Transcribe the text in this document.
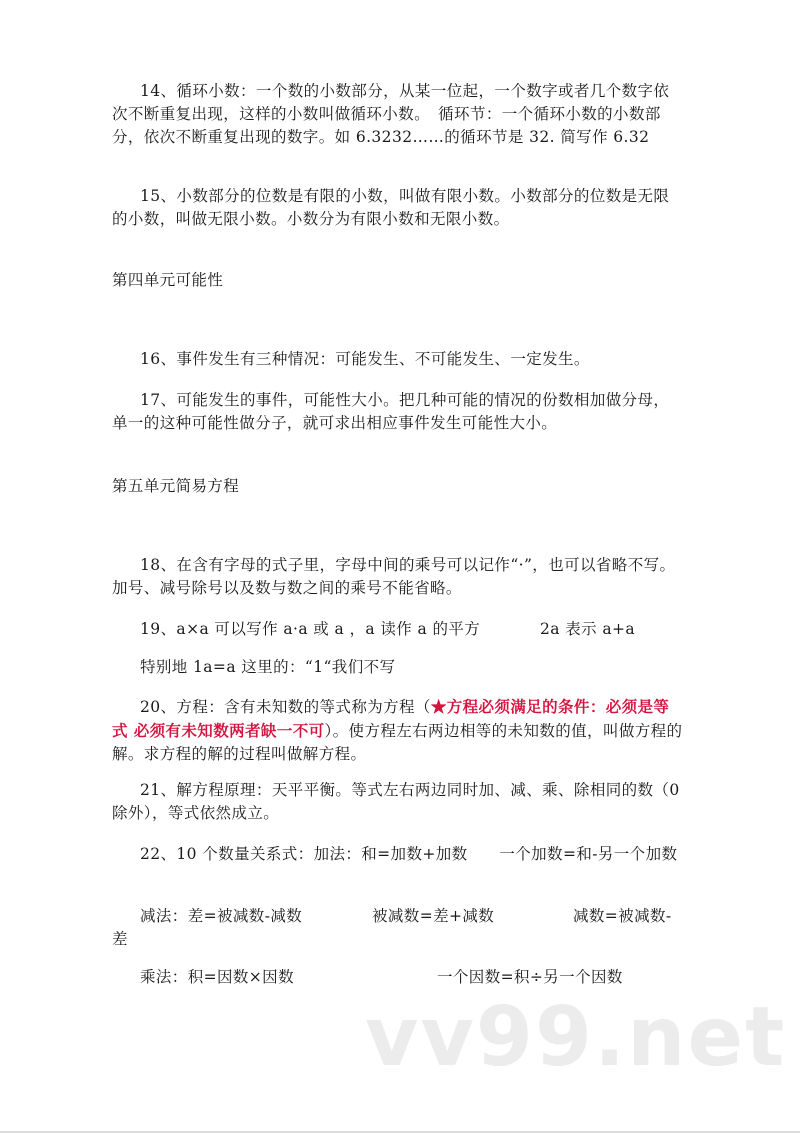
14、循环小数：一个数的小数部分，从某一位起，一个数字或者几个数字依次不断重复出现，这样的小数叫做循环小数。　循环节：一个循环小数的小数部分，依次不断重复出现的数字。如 6.3232……的循环节是 32. 简写作 6.32

15、小数部分的位数是有限的小数，叫做有限小数。小数部分的位数是无限的小数，叫做无限小数。小数分为有限小数和无限小数。

第四单元可能性

16、事件发生有三种情况：可能发生、不可能发生、一定发生。

17、可能发生的事件，可能性大小。把几种可能的情况的份数相加做分母，单一的这种可能性做分子，就可求出相应事件发生可能性大小。

第五单元简易方程

18、在含有字母的式子里，字母中间的乘号可以记作“·”，也可以省略不写。加号、减号除号以及数与数之间的乘号不能省略。

19、a×a 可以写作 a·a 或 a ，a 读作 a 的平方	2a 表示 a+a
特别地 1a=a 这里的：“1“我们不写

20、方程：含有未知数的等式称为方程（★方程必须满足的条件：必须是等式 必须有未知数两者缺一不可）。使方程左右两边相等的未知数的值，叫做方程的解。求方程的解的过程叫做解方程。

21、解方程原理：天平平衡。等式左右两边同时加、减、乘、除相同的数（0 除外），等式依然成立。

22、10 个数量关系式：加法：和=加数+加数　　一个加数=和-另一个加数

减法：差=被减数-减数	被减数=差+减数	减数=被减数-
差
乘法：积=因数×因数	一个因数=积÷另一个因数
vv99.net
